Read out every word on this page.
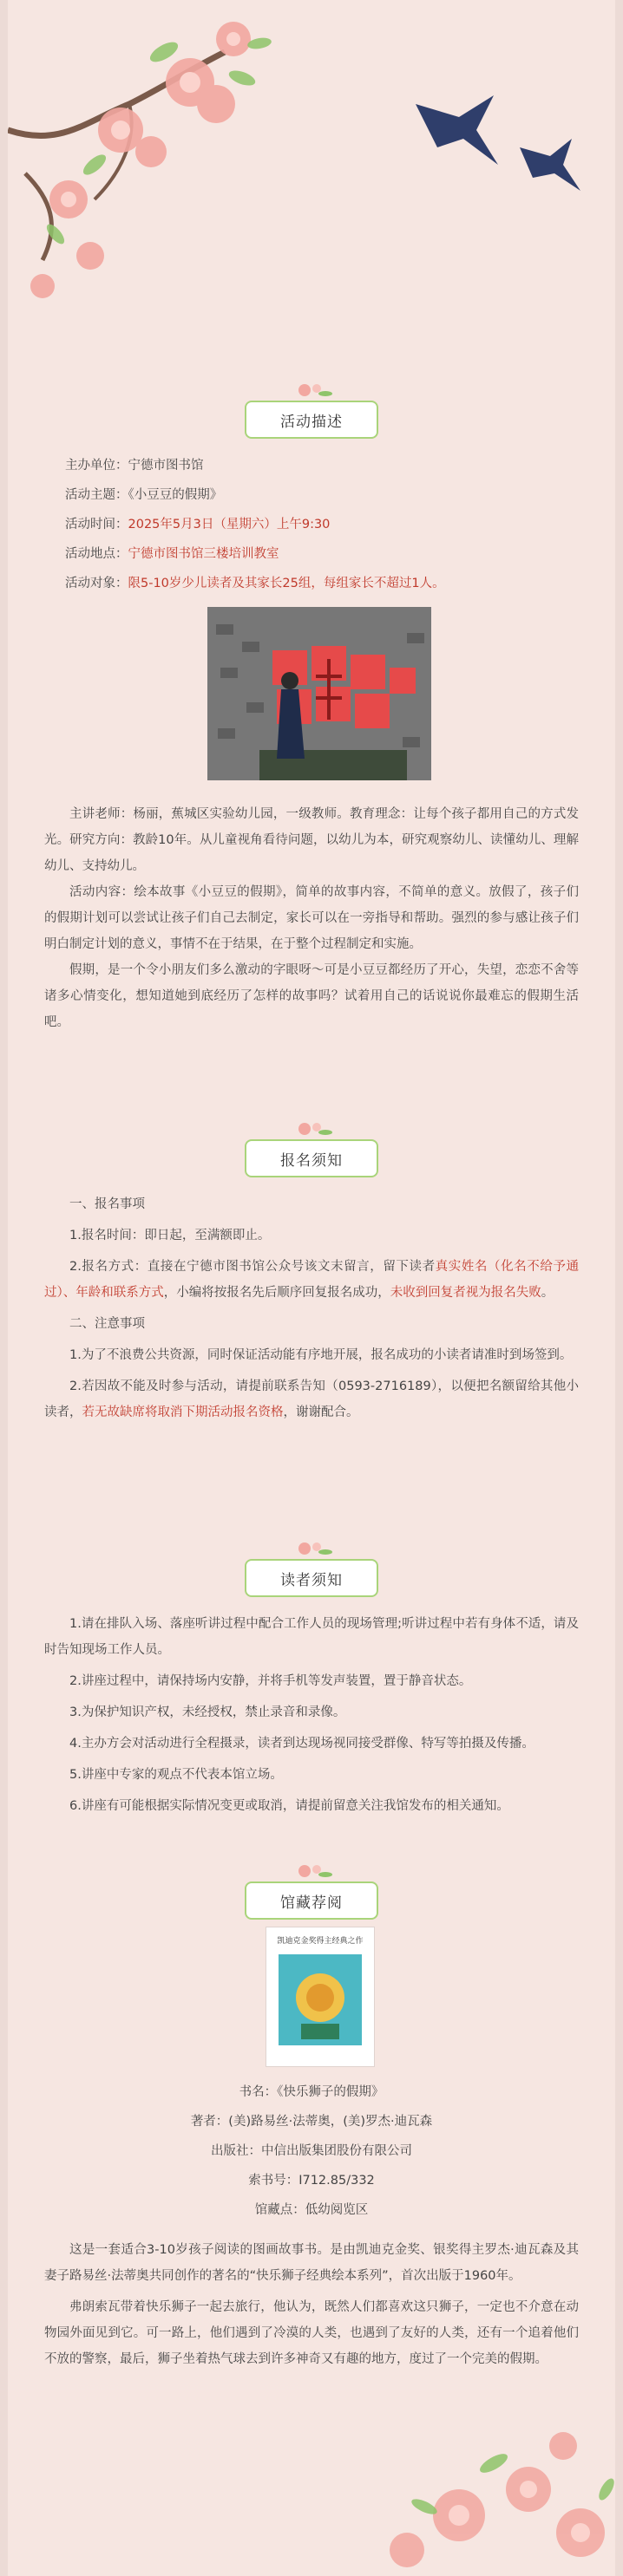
活动描述

主办单位：宁德市图书馆

活动主题：《小豆豆的假期》

活动时间：2025年5月3日（星期六）上午9:30

活动地点：宁德市图书馆三楼培训教室

活动对象：限5-10岁少儿读者及其家长25组，每组家长不超过1人。

主讲老师：杨丽，蕉城区实验幼儿园，一级教师。教育理念：让每个孩子都用自己的方式发光。研究方向：教龄10年。从儿童视角看待问题，以幼儿为本，研究观察幼儿、读懂幼儿、理解幼儿、支持幼儿。

活动内容：绘本故事《小豆豆的假期》，简单的故事内容，不简单的意义。放假了，孩子们的假期计划可以尝试让孩子们自己去制定，家长可以在一旁指导和帮助。强烈的参与感让孩子们明白制定计划的意义，事情不在于结果，在于整个过程制定和实施。

假期，是一个令小朋友们多么激动的字眼呀～可是小豆豆都经历了开心，失望，恋恋不舍等诸多心情变化，想知道她到底经历了怎样的故事吗？试着用自己的话说说你最难忘的假期生活吧。

报名须知

一、报名事项

1.报名时间：即日起，至满额即止。

2.报名方式：直接在宁德市图书馆公众号该文末留言，留下读者真实姓名（化名不给予通过）、年龄和联系方式，小编将按报名先后顺序回复报名成功，未收到回复者视为报名失败。

二、注意事项

1.为了不浪费公共资源，同时保证活动能有序地开展，报名成功的小读者请准时到场签到。

2.若因故不能及时参与活动，请提前联系告知（0593-2716189），以便把名额留给其他小读者，若无故缺席将取消下期活动报名资格，谢谢配合。

读者须知

1.请在排队入场、落座听讲过程中配合工作人员的现场管理;听讲过程中若有身体不适，请及时告知现场工作人员。

2.讲座过程中，请保持场内安静，并将手机等发声装置，置于静音状态。

3.为保护知识产权，未经授权，禁止录音和录像。

4.主办方会对活动进行全程摄录，读者到达现场视同接受群像、特写等拍摄及传播。

5.讲座中专家的观点不代表本馆立场。

6.讲座有可能根据实际情况变更或取消，请提前留意关注我馆发布的相关通知。

馆藏荐阅
凯迪克金奖得主经典之作

书名：《快乐狮子的假期》

著者：(美)路易丝·法蒂奥，(美)罗杰·迪瓦森

出版社：中信出版集团股份有限公司

索书号：I712.85/332

馆藏点：低幼阅览区

这是一套适合3-10岁孩子阅读的图画故事书。是由凯迪克金奖、银奖得主罗杰·迪瓦森及其妻子路易丝·法蒂奥共同创作的著名的“快乐狮子经典绘本系列”，首次出版于1960年。

弗朗索瓦带着快乐狮子一起去旅行，他认为，既然人们都喜欢这只狮子，一定也不介意在动物园外面见到它。可一路上，他们遇到了冷漠的人类，也遇到了友好的人类，还有一个追着他们不放的警察，最后，狮子坐着热气球去到许多神奇又有趣的地方，度过了一个完美的假期。
